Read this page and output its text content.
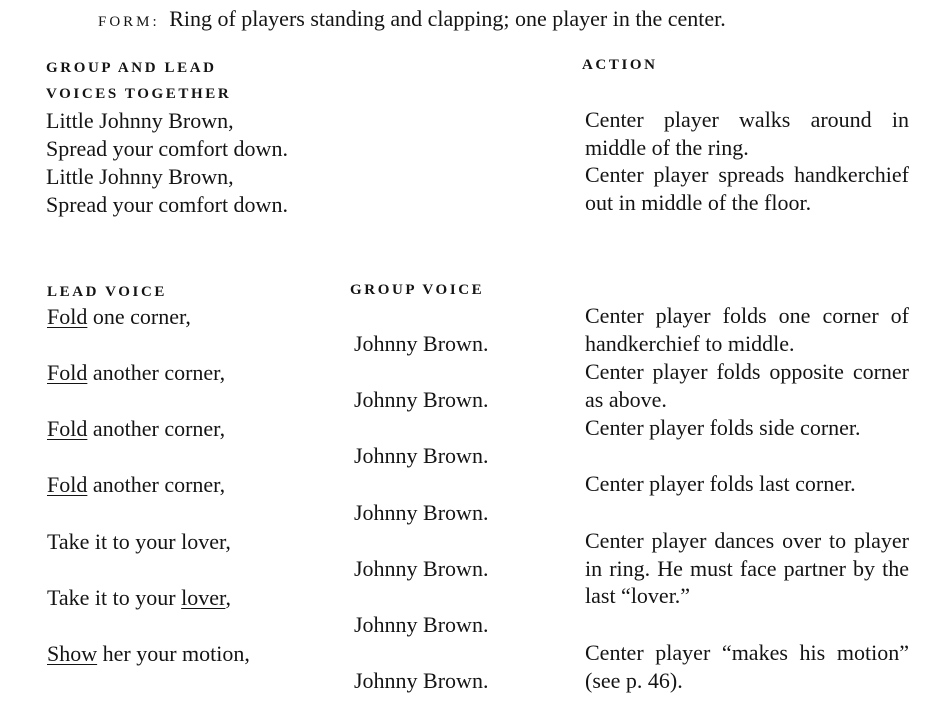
FORM: Ring of players standing and clapping; one player in the center.
GROUP AND LEAD
VOICES TOGETHER
ACTION
Little Johnny Brown,
Spread your comfort down.
Little Johnny Brown,
Spread your comfort down.
Center player walks around in middle of the ring.
Center player spreads handkerchief out in middle of the floor.
LEAD VOICE	GROUP VOICE
Fold one corner,
Johnny Brown.
Center player folds one corner of handkerchief to middle.
Fold another corner,
Johnny Brown.
Center player folds opposite corner as above.
Fold another corner,
Johnny Brown.
Center player folds side corner.
Fold another corner,
Johnny Brown.
Center player folds last corner.
Take it to your lover,
Johnny Brown.
Center player dances over to player in ring. He must face partner by the last “lover.”
Take it to your lover,
Johnny Brown.
Show her your motion,
Johnny Brown.
Center player “makes his motion” (see p. 46).
